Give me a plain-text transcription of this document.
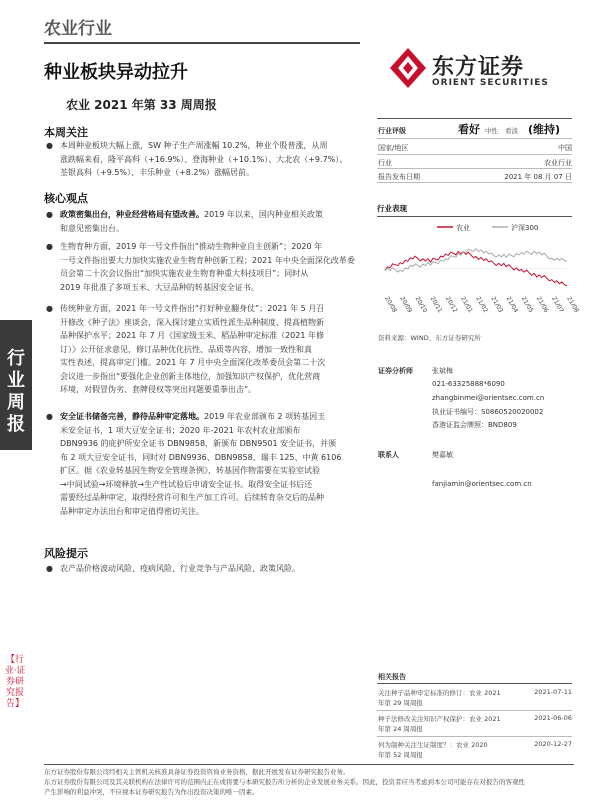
行业周报
【行业·证券研究报告】
农业行业
种业板块异动拉升
农业 2021 年第 33 周周报
东方证券
ORIENT SECURITIES
本周关注
● 本周种业板块大幅上涨，SW 种子生产周涨幅 10.2%，种业个股普涨，从周
涨跌幅来看，隆平高科（+16.9%）、登海种业（+10.1%）、大北农（+9.7%）、
荃银高科（+9.5%）、丰乐种业（+8.2%）涨幅居前。
核心观点
● 政策密集出台，种业经营格局有望改善。2019 年以来，国内种业相关政策
和意见密集出台。
● 生物育种方面，2019 年一号文件指出“推动生物种业自主创新”；2020 年
一号文件指出要大力加快实施农业生物育种创新工程；2021 年中央全面深化改革委
员会第二十次会议指出“加快实施农业生物育种重大科技项目”；同时从
2019 年批准了多项玉米、大豆品种的转基因安全证书。
● 传统种业方面，2021 年一号文件指出“打好种业翻身仗”；2021 年 5 月召
开修改《种子法》座谈会，深入探讨建立实质性派生品种制度、提高植物新
品种保护水平；2021 年 7 月《国家级玉米、稻品种审定标准（2021 年修
订）》公开征求意见，修订品种优化抗性、品质等内容，增加一致性和真
实性表述，提高审定门槛。2021 年 7 月中央全面深化改革委员会第二十次
会议进一步指出“要强化企业创新主体地位，加强知识产权保护，优化营商
环境，对假冒伪劣、套牌侵权等突出问题要重拳出击”。
● 安全证书储备完善，静待品种审定落地。2019 年农业部颁布 2 项转基因玉
米安全证书，1 项大豆安全证书；2020 年-2021 年农村农业部颁布
DBN9936 的庇护所安全证书 DBN9858，新颁布 DBN9501 安全证书，并颁
布 2 项大豆安全证书，同时对 DBN9936、DBN9858、瑞丰 125、中黄 6106
扩区。据《农业转基因生物安全管理条例》，转基因作物需要在实验室试验
→中间试验→环境释放→生产性试验后申请安全证书。取得安全证书后还
需要经过品种审定，取得经营许可和生产加工许可。后续转育杂交后的品种
品种审定办法出台和审定值得密切关注。
风险提示
● 农产品价格波动风险、疫病风险、行业竞争与产品风险、政策风险。
行业评级	看好 中性 看淡 (维持)
国家/地区	中国
行业	农业行业
报告发布日期	2021 年 08 月 07 日
行业表现
农业	沪深300
20/08 20/09 20/10 20/11 20/12 21/01 21/02 21/03 21/04 21/05 21/06 21/07 21/08
资料来源：WIND、东方证券研究所
证券分析师	张斌梅
021-63325888*6090
zhangbinmei@orientsec.com.cn
执业证书编号：S0860520020002
香港证监会牌照：BND809
联系人	樊嘉敏
fanjiamin@orientsec.com.cn
相关报告
关注种子品种审定标准的修订：农业 2021
年第 29 周周报
2021-07-11
种子法修改关注知识产权保护：农业 2021
年第 24 周周报
2021-06-06
何为制种关注生证制度？：农业 2020
年第 52 周周报
2020-12-27
东方证券股份有限公司经相关主管机关核准具备证券投资咨询业务资格，据此开展发布证券研究报告业务。
东方证券股份有限公司及其关联机构在法律许可的范围内正在或将要与本研究报告所分析的企业发展业务关系。因此，投资者应当考虑到本公司可能存在对报告的客观性
产生影响的利益冲突，不应视本证券研究报告为作出投资决策的唯一因素。
